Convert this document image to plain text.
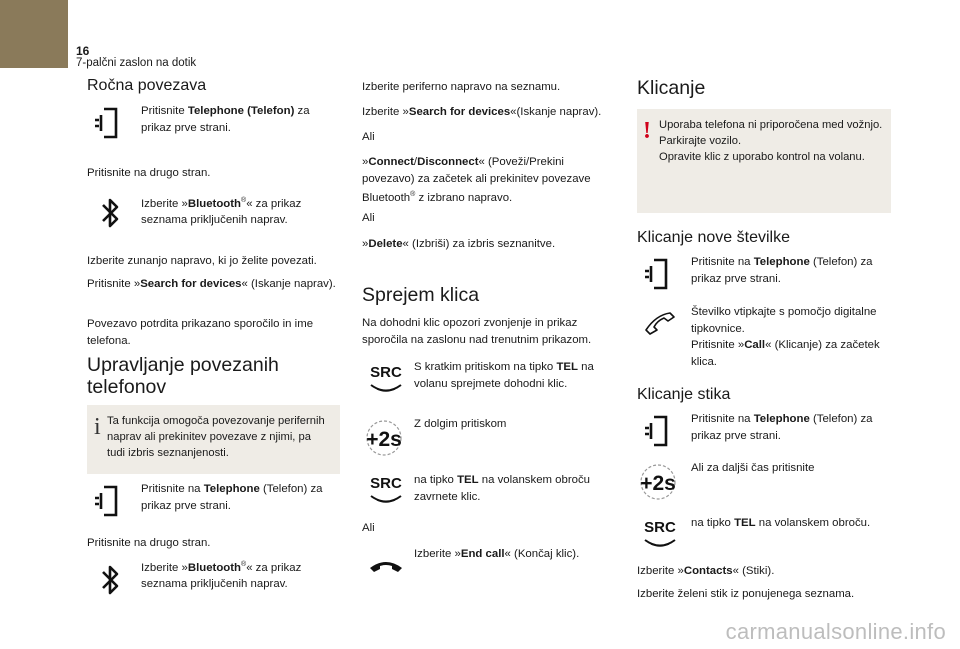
16
7-palčni zaslon na dotik
Ročna povezava
Pritisnite Telephone (Telefon) za prikaz prve strani.
Pritisnite na drugo stran.
Izberite »Bluetooth®« za prikaz seznama priključenih naprav.
Izberite zunanjo napravo, ki jo želite povezati.
Pritisnite »Search for devices« (Iskanje naprav).
Povezavo potrdita prikazano sporočilo in ime telefona.
Upravljanje povezanih telefonov
i Ta funkcija omogoča povezovanje perifernih naprav ali prekinitev povezave z njimi, pa tudi izbris seznanjenosti.
Pritisnite na Telephone (Telefon) za prikaz prve strani.
Pritisnite na drugo stran.
Izberite »Bluetooth®« za prikaz seznama priključenih naprav.
Izberite periferno napravo na seznamu.
Izberite »Search for devices«(Iskanje naprav).
Ali
»Connect/Disconnect« (Poveži/Prekini povezavo) za začetek ali prekinitev povezave Bluetooth® z izbrano napravo.
Ali
»Delete« (Izbriši) za izbris seznanitve.
Sprejem klica
Na dohodni klic opozori zvonjenje in prikaz sporočila na zaslonu nad trenutnim prikazom.
SRC S kratkim pritiskom na tipko TEL na volanu sprejmete dohodni klic.
+2s
Z dolgim pritiskom
SRC na tipko TEL na volanskem obroču zavrnete klic.
Ali
Izberite »End call« (Končaj klic).
Klicanje
! Uporaba telefona ni priporočena med vožnjo.
Parkirajte vozilo.
Opravite klic z uporabo kontrol na volanu.
Klicanje nove številke
Pritisnite na Telephone (Telefon) za prikaz prve strani.
Številko vtipkajte s pomočjo digitalne tipkovnice.
Pritisnite »Call« (Klicanje) za začetek klica.
Klicanje stika
Pritisnite na Telephone (Telefon) za prikaz prve strani.
+2s
Ali za daljši čas pritisnite
SRC na tipko TEL na volanskem obroču.
Izberite »Contacts« (Stiki).
Izberite želeni stik iz ponujenega seznama.
carmanualsonline.info
